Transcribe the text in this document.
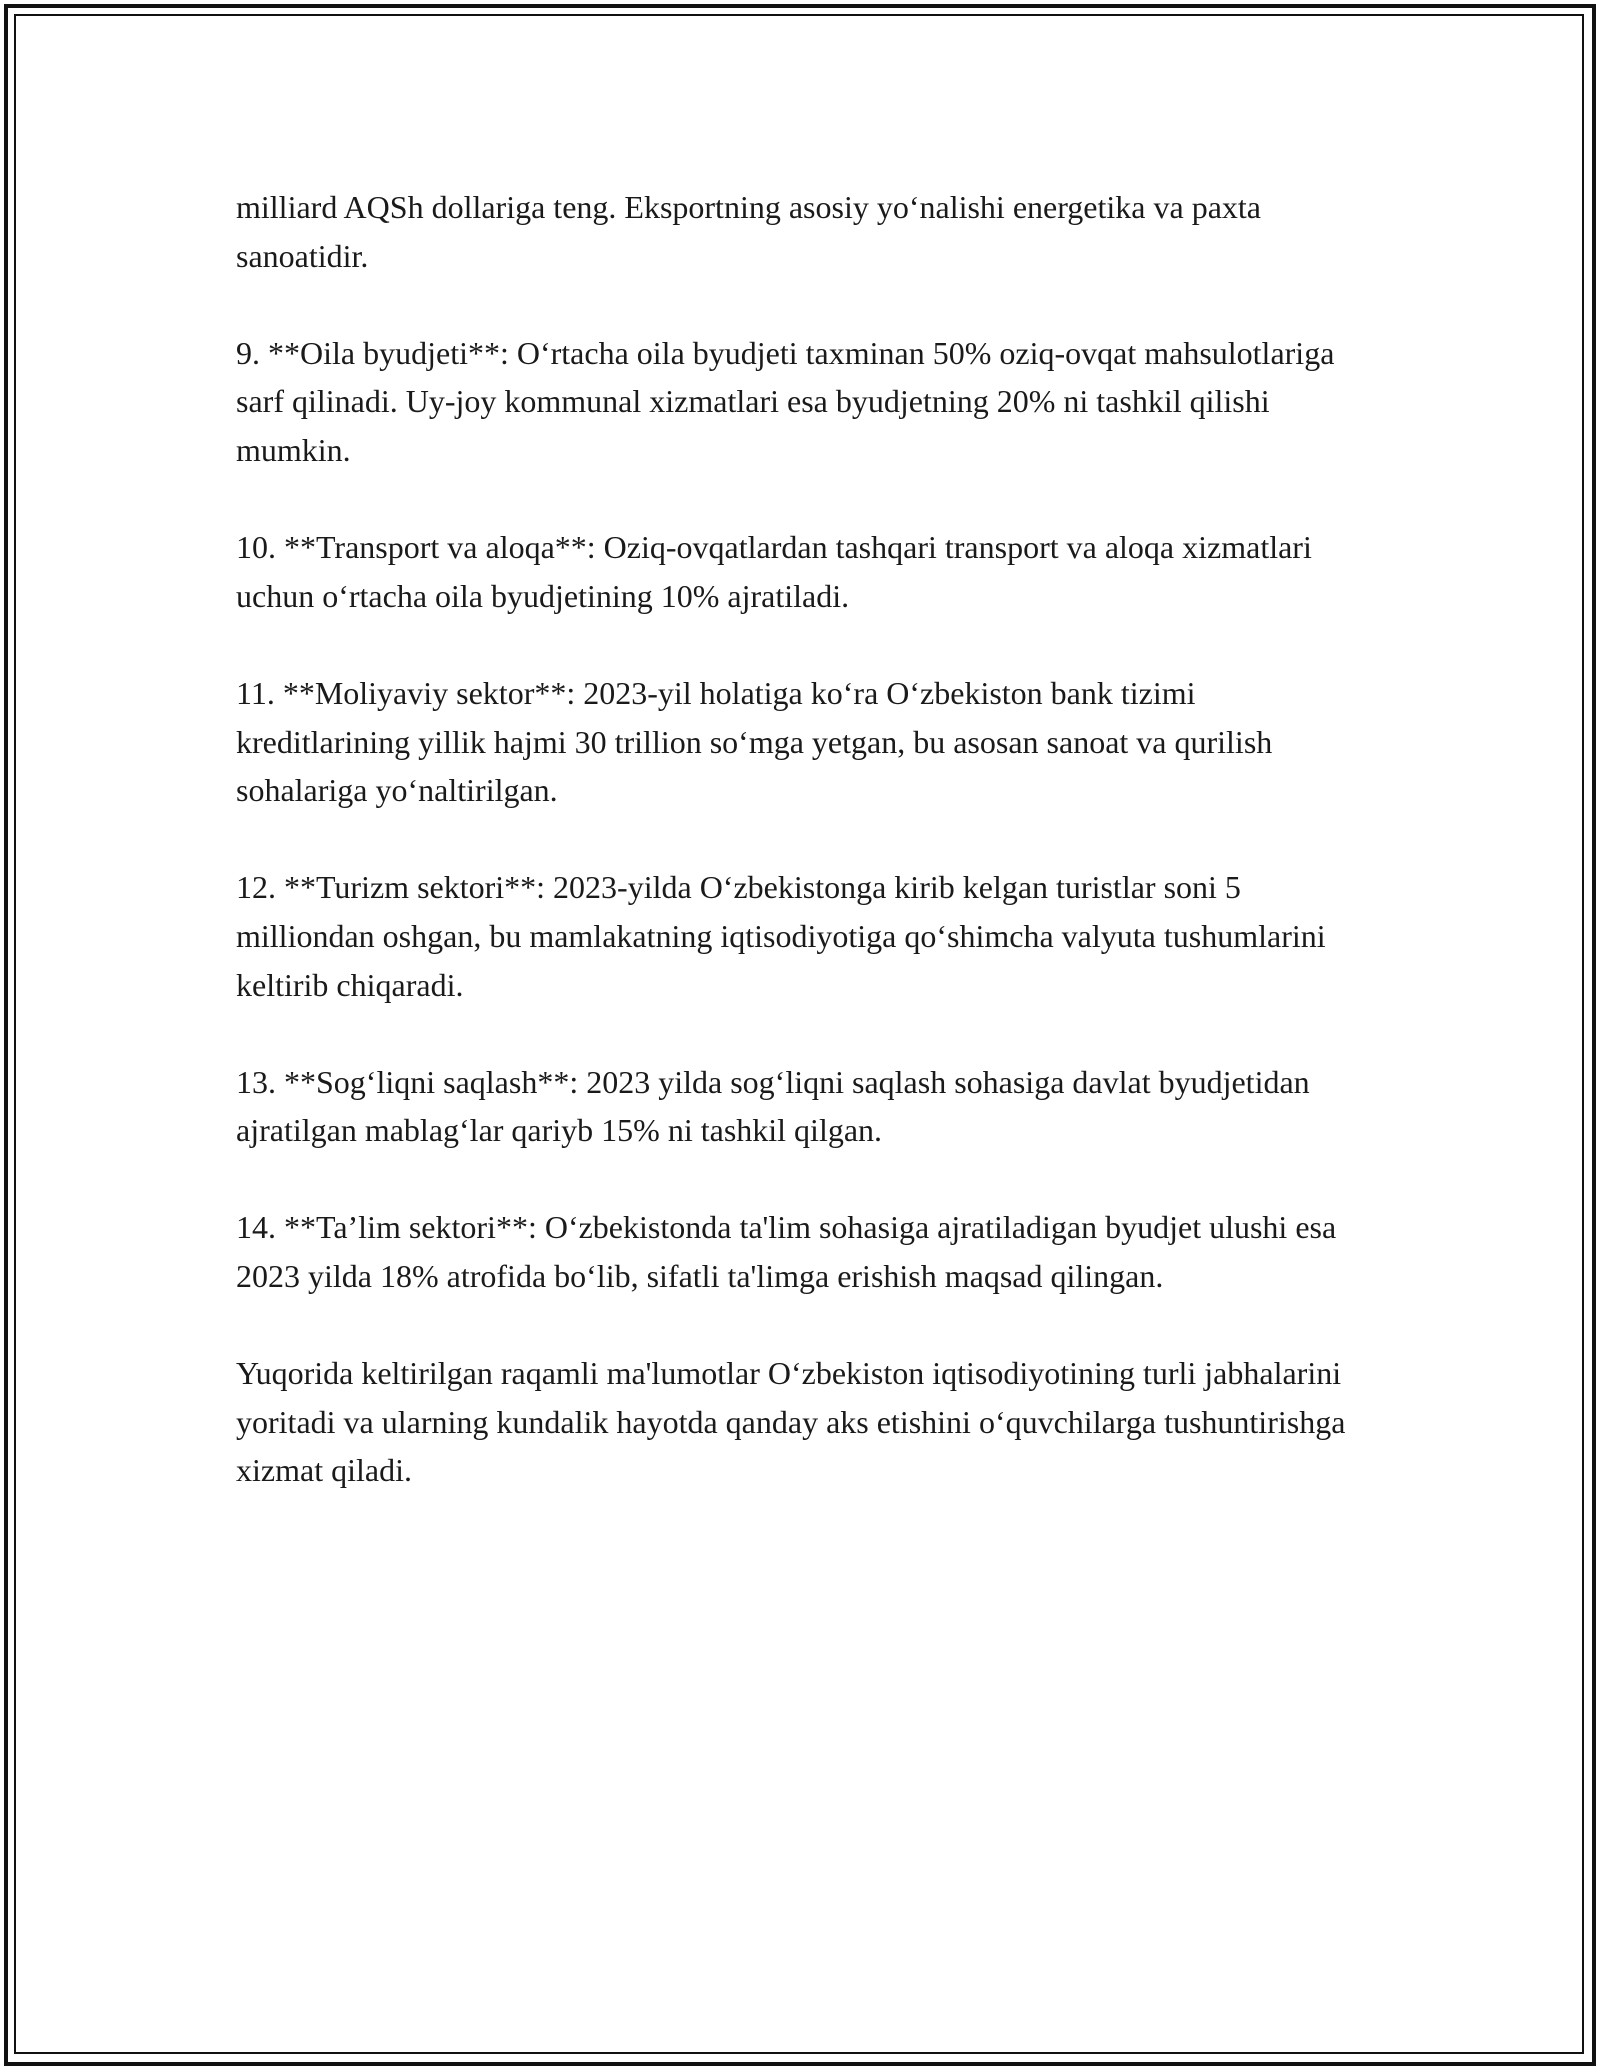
milliard AQSh dollariga teng. Eksportning asosiy yo‘nalishi energetika va paxta sanoatidir.

9. **Oila byudjeti**: O‘rtacha oila byudjeti taxminan 50% oziq-ovqat mahsulotlariga sarf qilinadi. Uy-joy kommunal xizmatlari esa byudjetning 20% ni tashkil qilishi mumkin.

10. **Transport va aloqa**: Oziq-ovqatlardan tashqari transport va aloqa xizmatlari uchun o‘rtacha oila byudjetining 10% ajratiladi.

11. **Moliyaviy sektor**: 2023-yil holatiga ko‘ra O‘zbekiston bank tizimi kreditlarining yillik hajmi 30 trillion so‘mga yetgan, bu asosan sanoat va qurilish sohalariga yo‘naltirilgan.

12. **Turizm sektori**: 2023-yilda O‘zbekistonga kirib kelgan turistlar soni 5 milliondan oshgan, bu mamlakatning iqtisodiyotiga qo‘shimcha valyuta tushumlarini keltirib chiqaradi.

13. **Sog‘liqni saqlash**: 2023 yilda sog‘liqni saqlash sohasiga davlat byudjetidan ajratilgan mablag‘lar qariyb 15% ni tashkil qilgan.

14. **Ta’lim sektori**: O‘zbekistonda ta'lim sohasiga ajratiladigan byudjet ulushi esa 2023 yilda 18% atrofida bo‘lib, sifatli ta'limga erishish maqsad qilingan.

Yuqorida keltirilgan raqamli ma'lumotlar O‘zbekiston iqtisodiyotining turli jabhalarini yoritadi va ularning kundalik hayotda qanday aks etishini o‘quvchilarga tushuntirishga xizmat qiladi.
